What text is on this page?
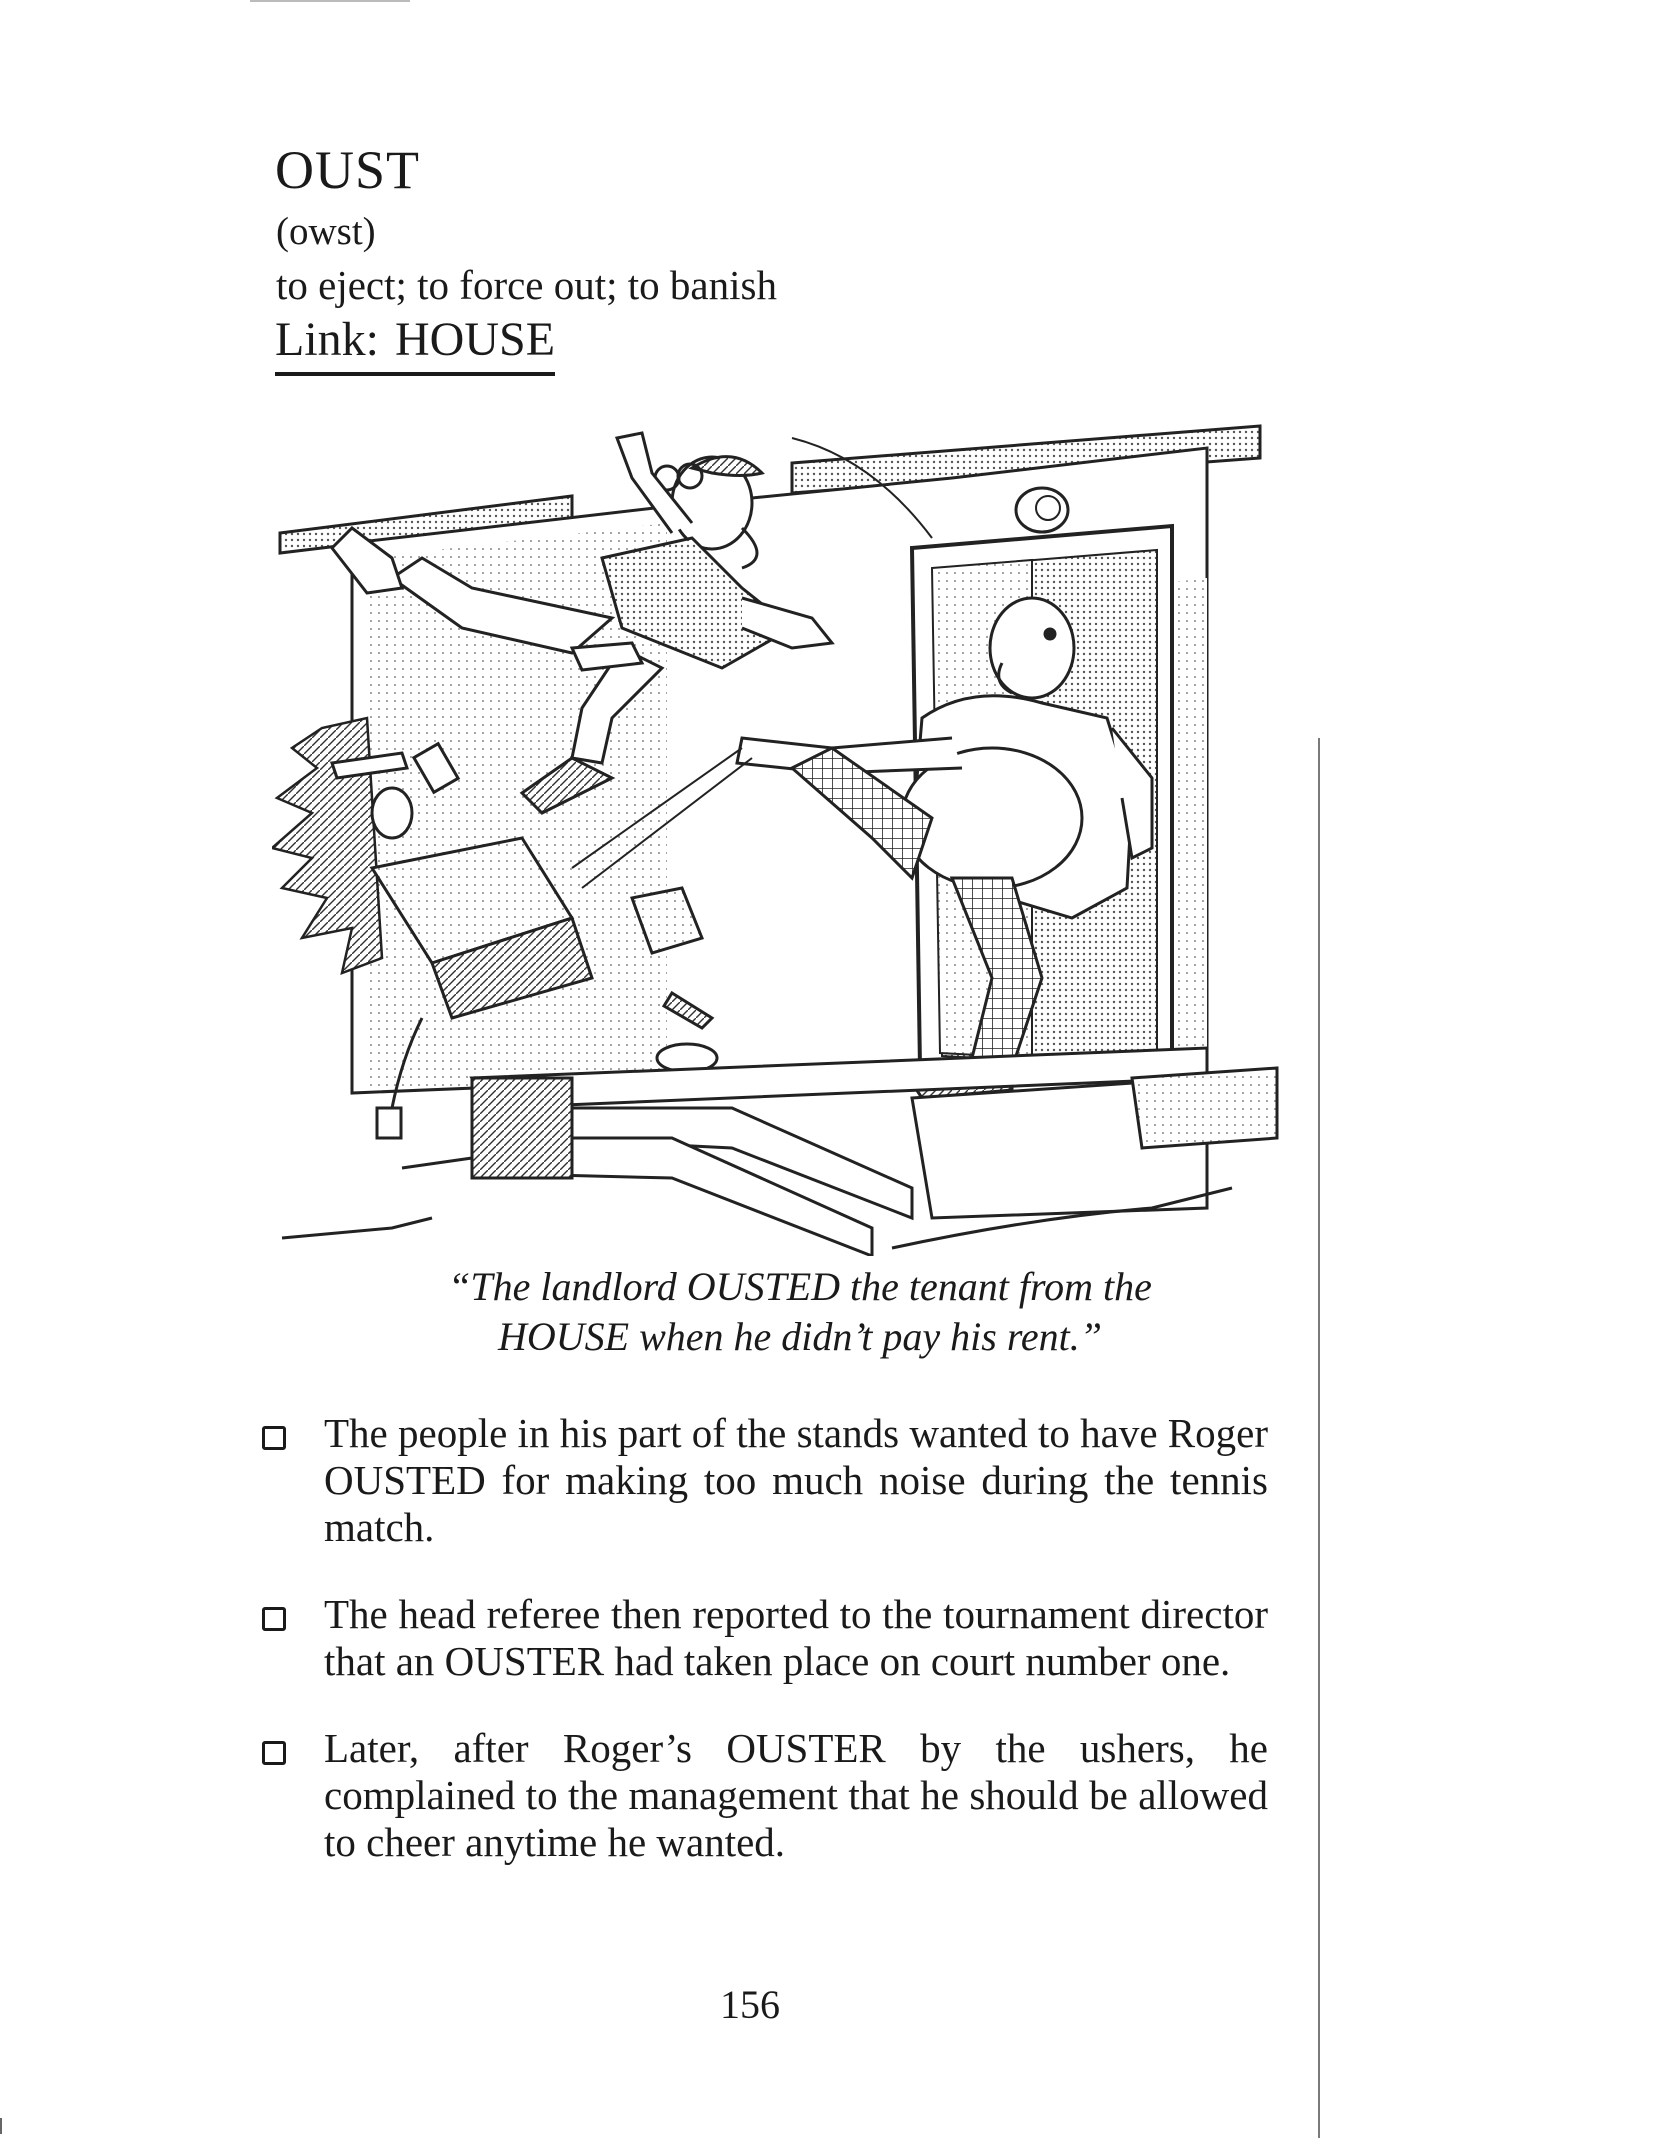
OUST
(owst)
to eject; to force out; to banish
Link: HOUSE
“The landlord OUSTED the tenant from the
HOUSE when he didn’t pay his rent.”
The people in his part of the stands wanted to have Roger OUSTED for making too much noise during the tennis match.
The head referee then reported to the tournament director that an OUSTER had taken place on court number one.
Later, after Roger’s OUSTER by the ushers, he complained to the management that he should be allowed to cheer anytime he wanted.
156
